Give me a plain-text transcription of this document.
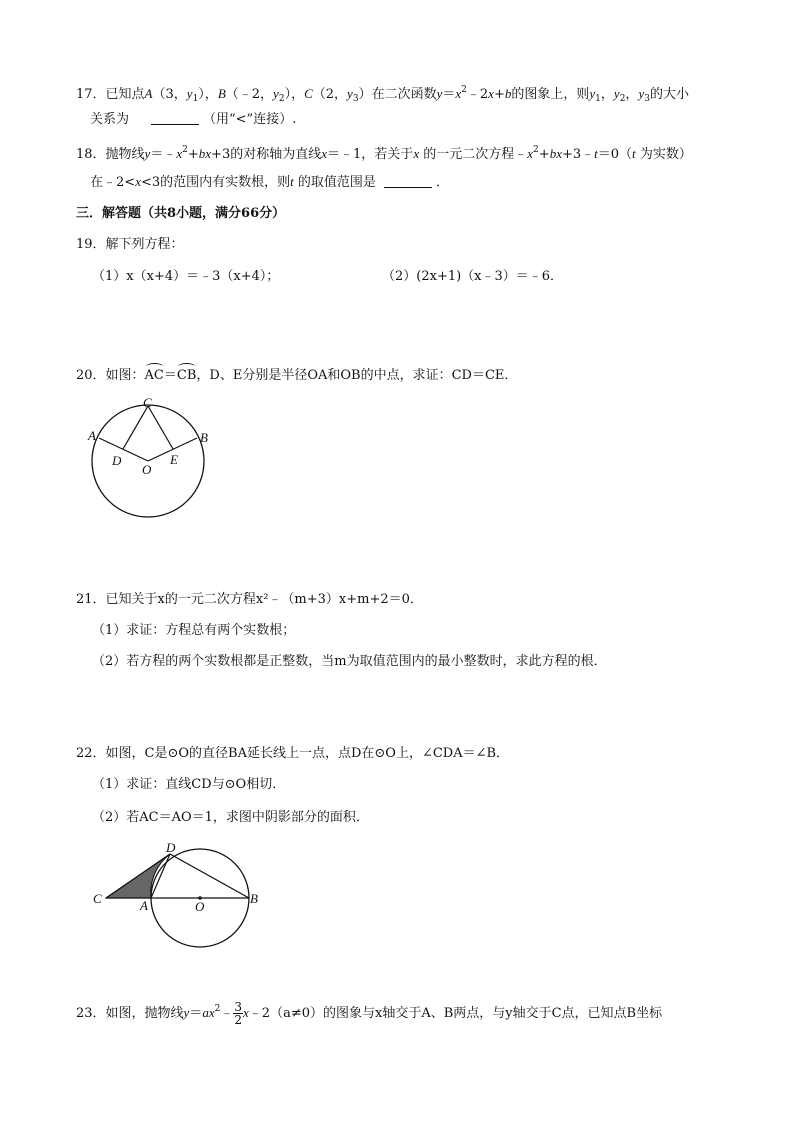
17．已知点A（3，$y_1$），B（﹣2，$y_2$），C（2，$y_3$）在二次函数$y=x^2﹣2x+b$的图象上，则$y_1$，$y_2$，$y_3$的大小
关系为	（用“<”连接）.
18．抛物线$y=﹣x^2+bx+3$的对称轴为直线x＝﹣1，若关于x 的一元二次方程$﹣x^2+bx+3﹣t=0(t$ 为实数）
在﹣2<x<3的范围内有实数根，则t 的取值范围是	．
三．解答题（共8小题，满分66分）
19．解下列方程：
（1）x（x+4）＝﹣3（x+4）；	（2）(2x+1)（x﹣3）＝﹣6．
20．如图：AC＝CB，D、E分别是半径OA和OB的中点，求证：CD＝CE．
C
A	B
D
O
E
21．已知关于x的一元二次方程x²﹣（m+3）x+m+2＝0．
（1）求证：方程总有两个实数根；
（2）若方程的两个实数根都是正整数，当m为取值范围内的最小整数时，求此方程的根．
22．如图，C是⊙O的直径BA延长线上一点，点D在⊙O上，∠CDA＝∠B．
（1）求证：直线CD与⊙O相切．
（2）若AC＝AO＝1，求图中阴影部分的面积．
D
C	A	O
B
23．如图，抛物线$y=ax^2﹣ \frac{3}{2}$ x﹣2（a≠0）的图象与x轴交于A、B两点，与y轴交于C点，已知点B坐标
